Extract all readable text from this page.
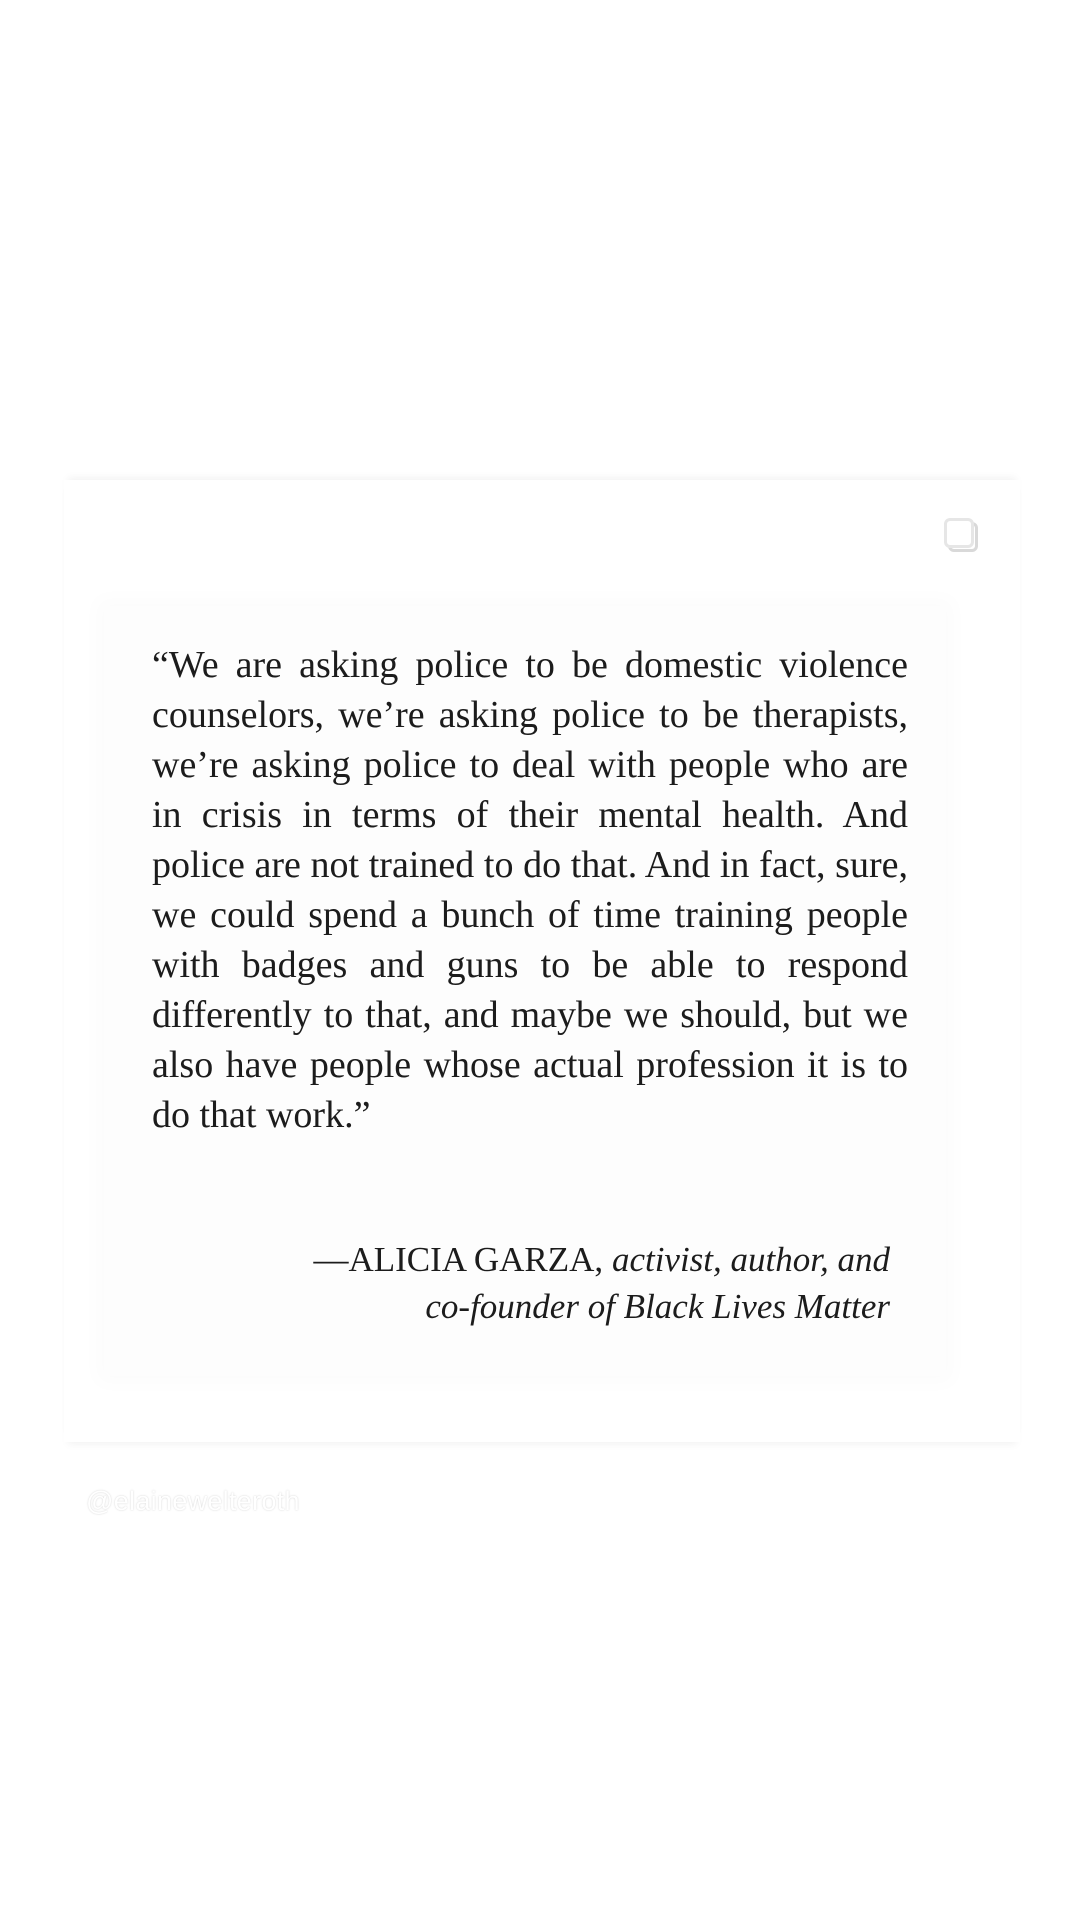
“We are asking police to be domestic violence counselors, we’re asking police to be therapists, we’re asking police to deal with people who are in crisis in terms of their mental health. And police are not trained to do that. And in fact, sure, we could spend a bunch of time training people with badges and guns to be able to respond differently to that, and maybe we should, but we also have people whose actual profession it is to do that work.”

—ALICIA GARZA, activist, author, and
co-founder of Black Lives Matter
@elainewelteroth
